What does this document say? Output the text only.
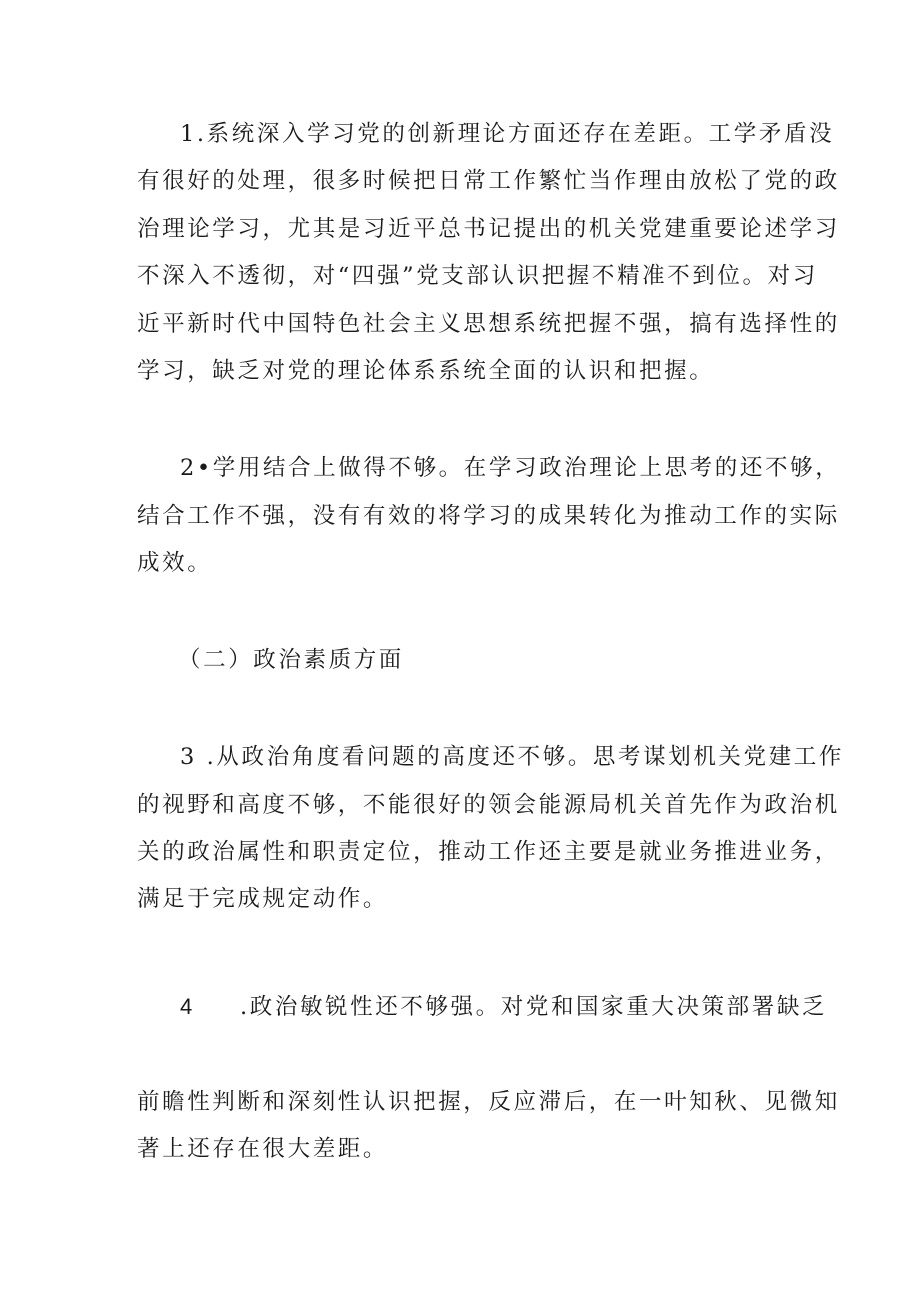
1.系统深入学习党的创新理论方面还存在差距。工学矛盾没
有很好的处理，很多时候把日常工作繁忙当作理由放松了党的政
治理论学习，尤其是习近平总书记提出的机关党建重要论述学习
不深入不透彻，对“四强”党支部认识把握不精准不到位。对习
近平新时代中国特色社会主义思想系统把握不强，搞有选择性的
学习，缺乏对党的理论体系系统全面的认识和把握。
2•学用结合上做得不够。在学习政治理论上思考的还不够，
结合工作不强，没有有效的将学习的成果转化为推动工作的实际
成效。
（二）政治素质方面
3 .从政治角度看问题的高度还不够。思考谋划机关党建工作
的视野和高度不够，不能很好的领会能源局机关首先作为政治机
关的政治属性和职责定位，推动工作还主要是就业务推进业务，
满足于完成规定动作。
4 .政治敏锐性还不够强。对党和国家重大决策部署缺乏
前瞻性判断和深刻性认识把握，反应滞后，在一叶知秋、见微知
著上还存在很大差距。
